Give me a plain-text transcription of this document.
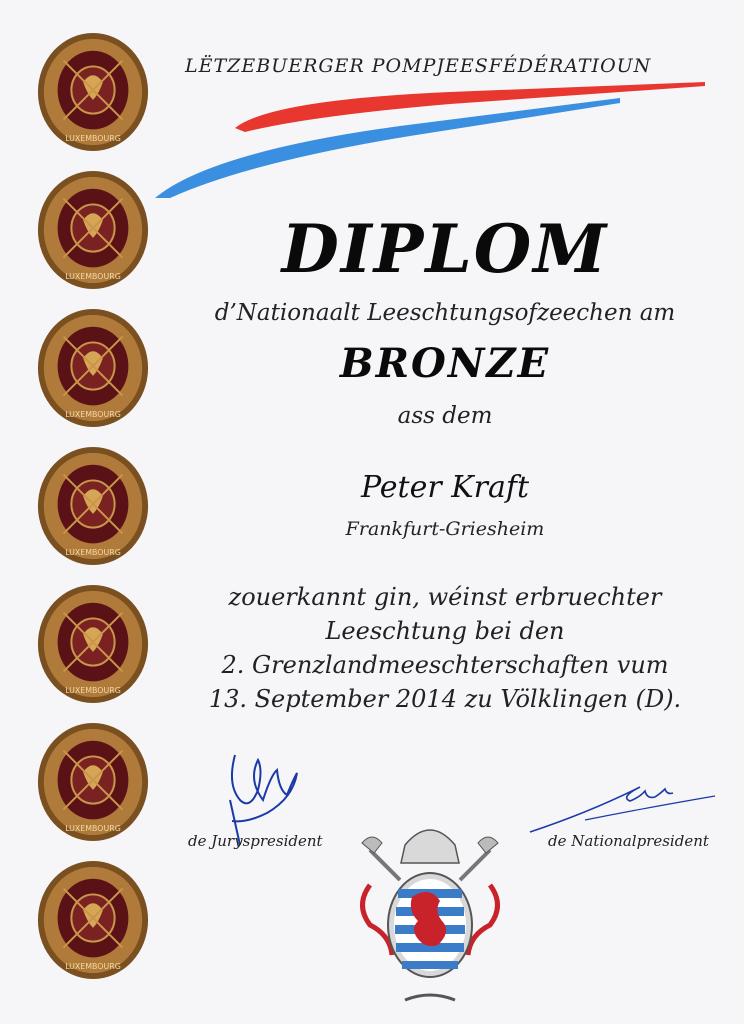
LUXEMBOURG
LUXEMBOURG
LUXEMBOURG
LUXEMBOURG
LUXEMBOURG
LUXEMBOURG
LUXEMBOURG
LËTZEBUERGER POMPJEESFÉDÉRATIOUN
DIPLOM
d’Nationaalt Leeschtungsofzeechen am
BRONZE
ass dem
Peter Kraft
Frankfurt-Griesheim
zouerkannt gin, wéinst erbruechter
Leeschtung bei den
2. Grenzlandmeeschterschaften vum
13. September 2014 zu Völklingen (D).
de Juryspresident	de Nationalpresident
